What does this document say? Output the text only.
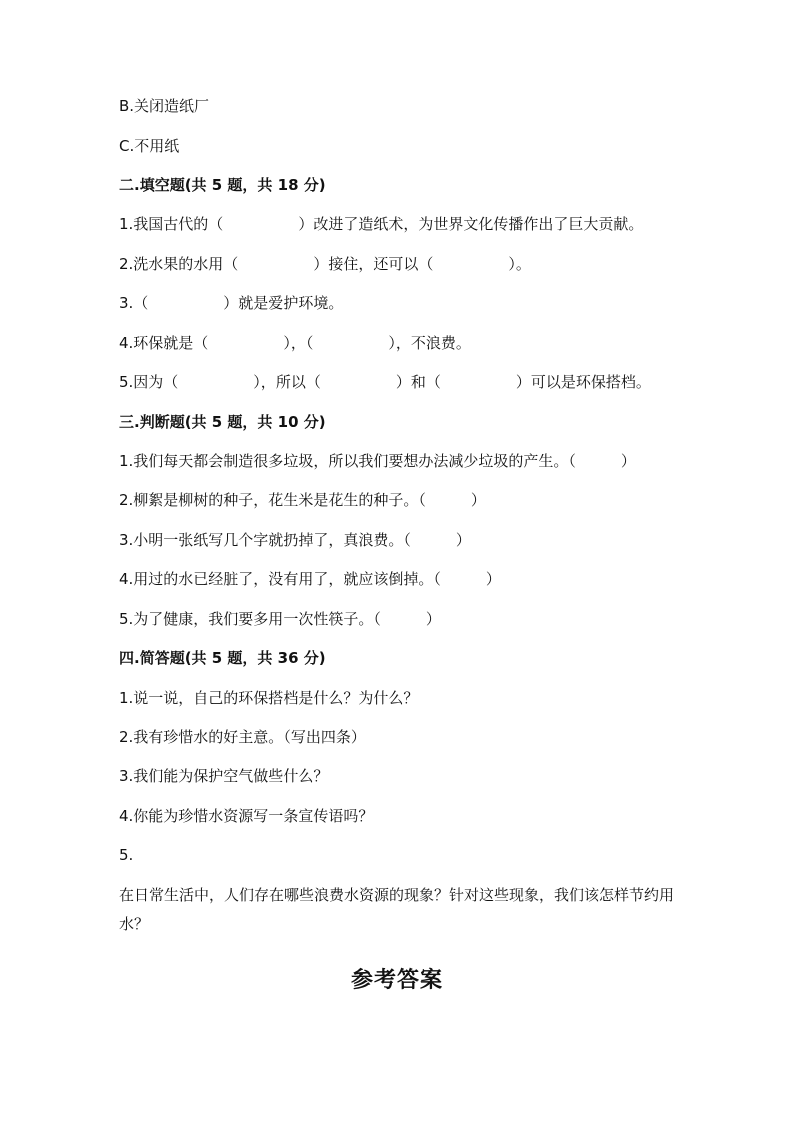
B.关闭造纸厂
C.不用纸
二.填空题(共 5 题，共 18 分)
1.我国古代的（　　　　　）改进了造纸术，为世界文化传播作出了巨大贡献。
2.洗水果的水用（　　　　　）接住，还可以（　　　　　）。
3.（　　　　　）就是爱护环境。
4.环保就是（　　　　　），（　　　　　），不浪费。
5.因为（　　　　　），所以（　　　　　）和（　　　　　）可以是环保搭档。
三.判断题(共 5 题，共 10 分)
1.我们每天都会制造很多垃圾，所以我们要想办法减少垃圾的产生。（　　　）
2.柳絮是柳树的种子，花生米是花生的种子。（　　　）
3.小明一张纸写几个字就扔掉了，真浪费。（　　　）
4.用过的水已经脏了，没有用了，就应该倒掉。（　　　）
5.为了健康，我们要多用一次性筷子。（　　　）
四.简答题(共 5 题，共 36 分)
1.说一说，自己的环保搭档是什么？为什么？
2.我有珍惜水的好主意。（写出四条）
3.我们能为保护空气做些什么？
4.你能为珍惜水资源写一条宣传语吗？
5.
在日常生活中，人们存在哪些浪费水资源的现象？针对这些现象，我们该怎样节约用水？
参考答案
